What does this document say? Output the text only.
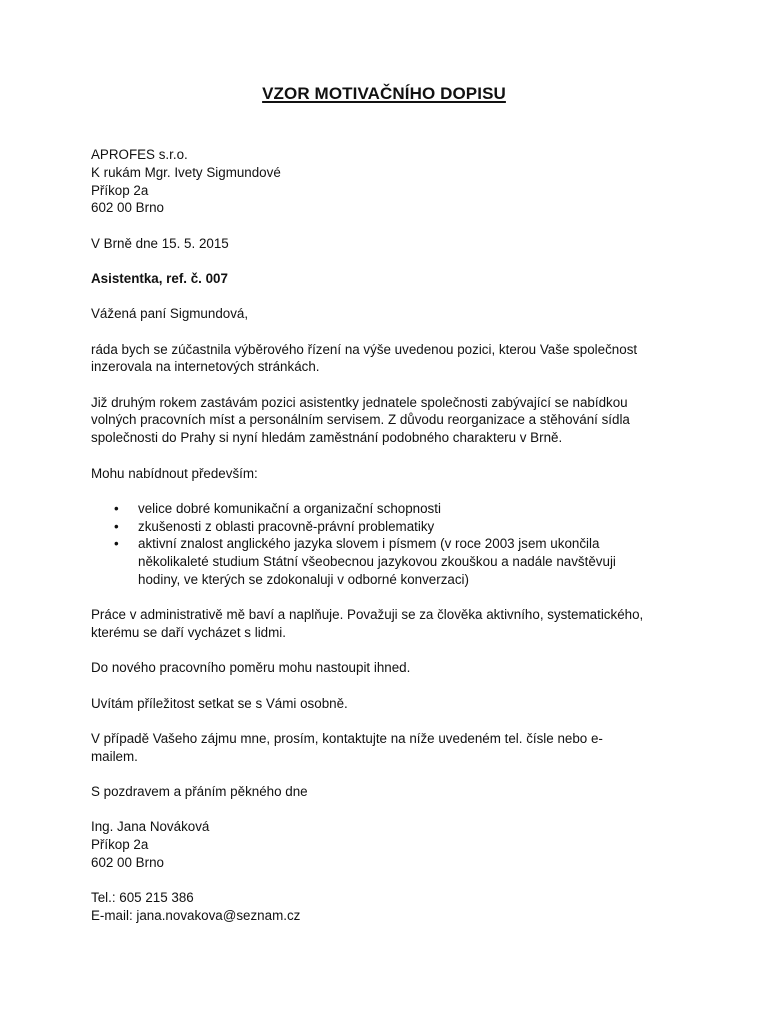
VZOR MOTIVAČNÍHO DOPISU

APROFES s.r.o.

K rukám Mgr. Ivety Sigmundové

Příkop 2a

602 00 Brno

V Brně dne 15. 5. 2015

Asistentka, ref. č. 007

Vážená paní Sigmundová,

ráda bych se zúčastnila výběrového řízení na výše uvedenou pozici, kterou Vaše společnost

inzerovala na internetových stránkách.

Již druhým rokem zastávám pozici asistentky jednatele společnosti zabývající se nabídkou

volných pracovních míst a personálním servisem. Z důvodu reorganizace a stěhování sídla

společnosti do Prahy si nyní hledám zaměstnání podobného charakteru v Brně.

Mohu nabídnout především:

• velice dobré komunikační a organizační schopnosti
• zkušenosti z oblasti pracovně-právní problematiky
• aktivní znalost anglického jazyka slovem i písmem (v roce 2003 jsem ukončila

několikaleté studium Státní všeobecnou jazykovou zkouškou a nadále navštěvuji

hodiny, ve kterých se zdokonaluji v odborné konverzaci)

Práce v administrativě mě baví a naplňuje. Považuji se za člověka aktivního, systematického,

kterému se daří vycházet s lidmi.

Do nového pracovního poměru mohu nastoupit ihned.

Uvítám příležitost setkat se s Vámi osobně.

V případě Vašeho zájmu mne, prosím, kontaktujte na níže uvedeném tel. čísle nebo e-

mailem.

S pozdravem a přáním pěkného dne

Ing. Jana Nováková

Příkop 2a

602 00 Brno

Tel.: 605 215 386

E-mail: jana.novakova@seznam.cz
